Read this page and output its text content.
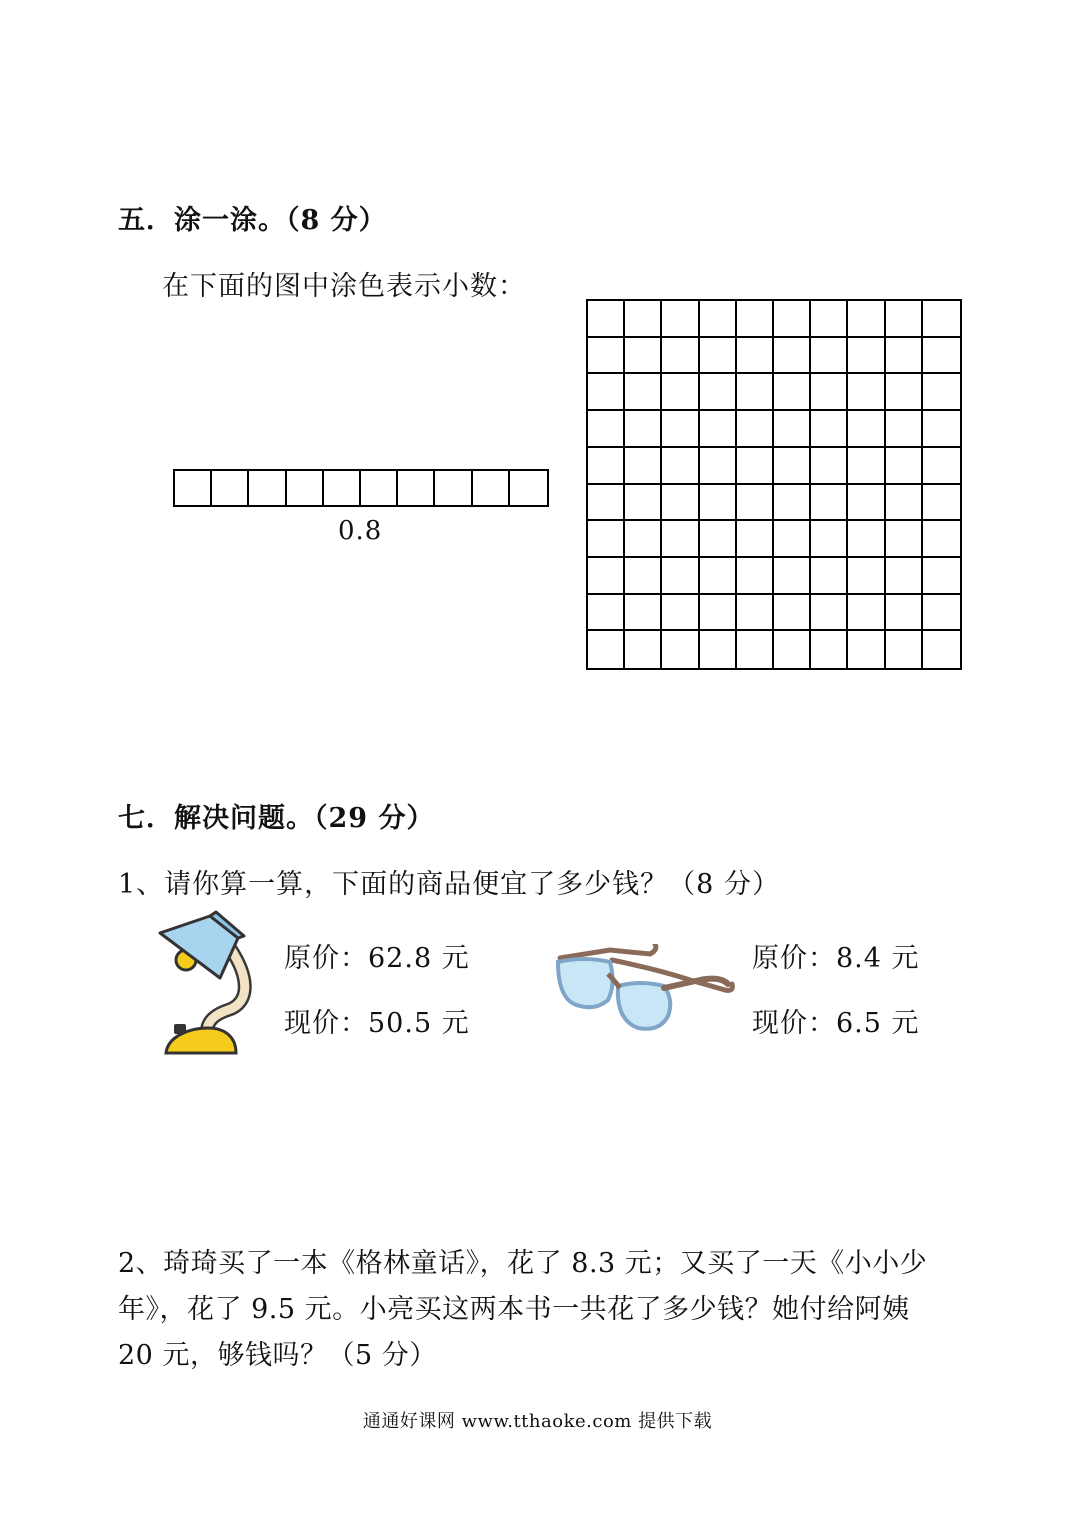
五．涂一涂。（8 分）
在下面的图中涂色表示小数：
0.8
七．解决问题。（29 分）
1、请你算一算，下面的商品便宜了多少钱？（8 分）
原价：62.8 元
现价：50.5 元
原价：8.4 元
现价：6.5 元
2、琦琦买了一本《格林童话》，花了 8.3 元；又买了一天《小小少
年》，花了 9.5 元。小亮买这两本书一共花了多少钱？她付给阿姨
20 元，够钱吗？（5 分）
通通好课网 www.tthaoke.com 提供下载
